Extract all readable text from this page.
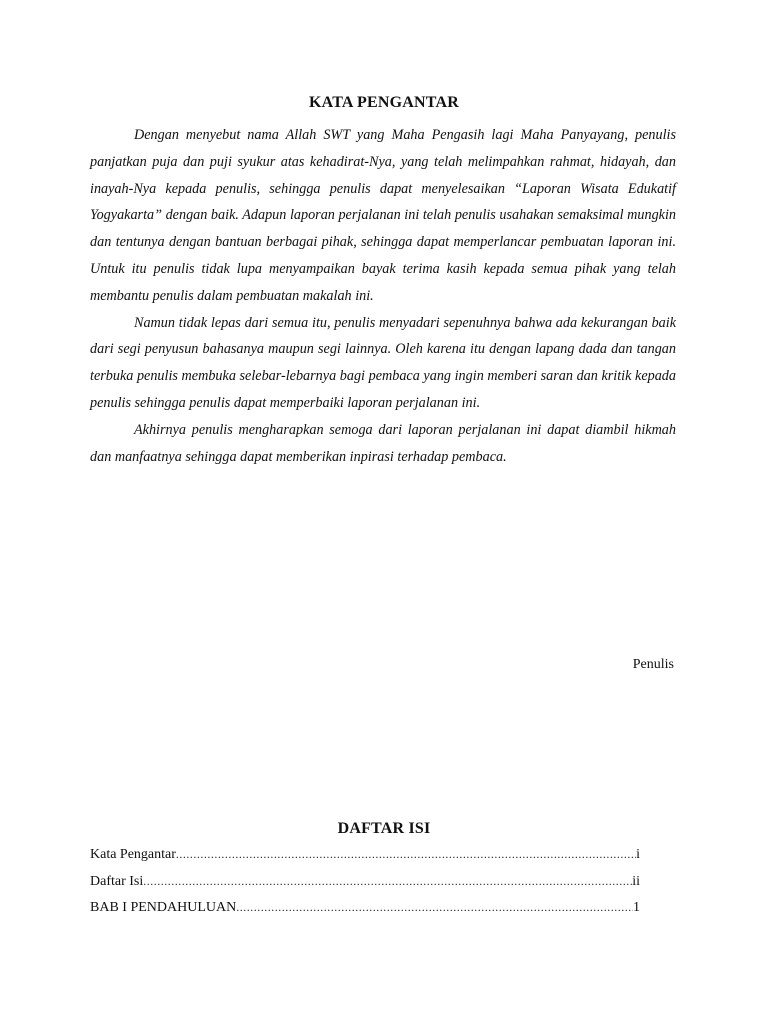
KATA PENGANTAR

Dengan menyebut nama Allah SWT yang Maha Pengasih lagi Maha Panyayang, penulis panjatkan puja dan puji syukur atas kehadirat-Nya, yang telah melimpahkan rahmat, hidayah, dan inayah-Nya kepada penulis, sehingga penulis dapat menyelesaikan “Laporan Wisata Edukatif Yogyakarta” dengan baik. Adapun laporan perjalanan ini telah penulis usahakan semaksimal mungkin dan tentunya dengan bantuan berbagai pihak, sehingga dapat memperlancar pembuatan laporan ini. Untuk itu penulis tidak lupa menyampaikan bayak terima kasih kepada semua pihak yang telah membantu penulis dalam pembuatan makalah ini.

Namun tidak lepas dari semua itu, penulis menyadari sepenuhnya bahwa ada kekurangan baik dari segi penyusun bahasanya maupun segi lainnya. Oleh karena itu dengan lapang dada dan tangan terbuka penulis membuka selebar-lebarnya bagi pembaca yang ingin memberi saran dan kritik kepada penulis sehingga penulis dapat memperbaiki laporan perjalanan ini.

Akhirnya penulis mengharapkan semoga dari laporan perjalanan ini dapat diambil hikmah dan manfaatnya sehingga dapat memberikan inpirasi terhadap pembaca.

Penulis
DAFTAR ISI
Kata Pengantar .....	i
Daftar Isi .....	ii
BAB I PENDAHULUAN .....	1
